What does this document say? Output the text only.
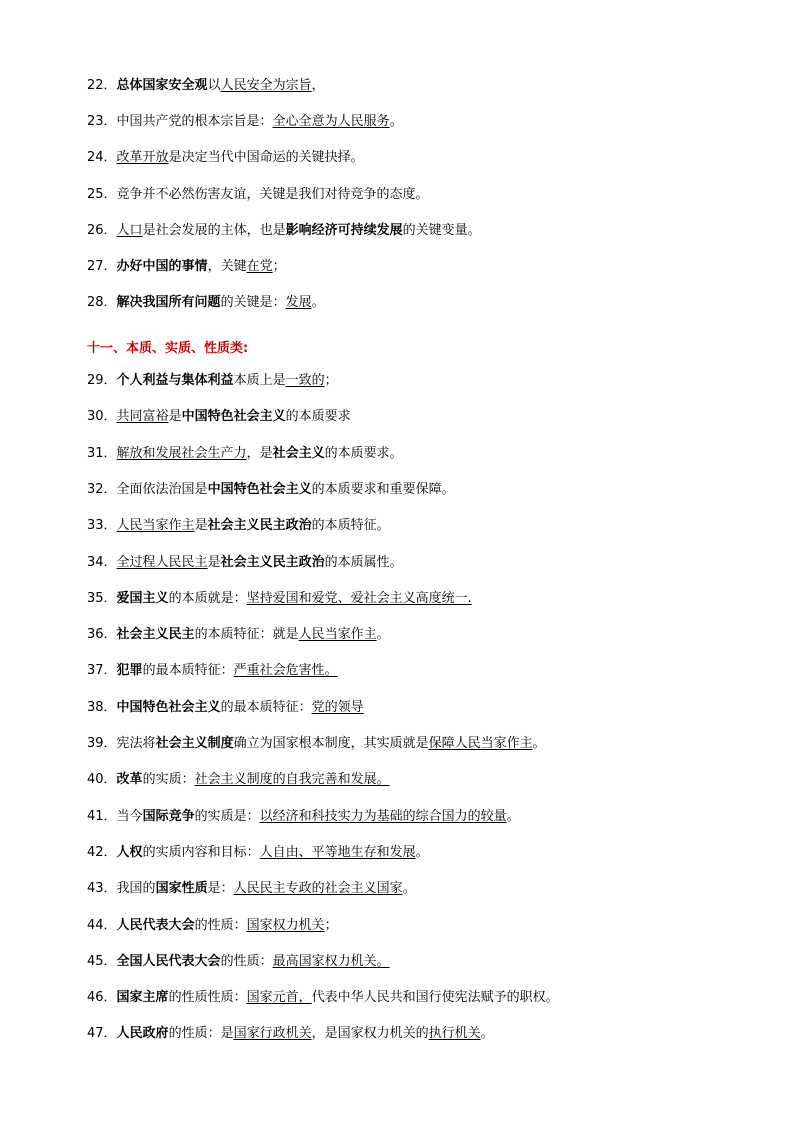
22．总体国家安全观以人民安全为宗旨，
23．中国共产党的根本宗旨是：全心全意为人民服务。
24．改革开放是决定当代中国命运的关键抉择。
25．竞争并不必然伤害友谊，关键是我们对待竞争的态度。
26．人口是社会发展的主体，也是影响经济可持续发展的关键变量。
27．办好中国的事情，关键在党；
28．解决我国所有问题的关键是：发展。
十一、本质、实质、性质类:
29．个人利益与集体利益本质上是一致的；
30．共同富裕是中国特色社会主义的本质要求
31．解放和发展社会生产力，是社会主义的本质要求。
32．全面依法治国是中国特色社会主义的本质要求和重要保障。
33．人民当家作主是社会主义民主政治的本质特征。
34．全过程人民民主是社会主义民主政治的本质属性。
35．爱国主义的本质就是：坚持爱国和爱党、爱社会主义高度统一.
36．社会主义民主的本质特征：就是人民当家作主。
37．犯罪的最本质特征：严重社会危害性。
38．中国特色社会主义的最本质特征：党的领导
39．宪法将社会主义制度确立为国家根本制度，其实质就是保障人民当家作主。
40．改革的实质：社会主义制度的自我完善和发展。
41．当今国际竞争的实质是：以经济和科技实力为基础的综合国力的较量。
42．人权的实质内容和目标：人自由、平等地生存和发展。
43．我国的国家性质是：人民民主专政的社会主义国家。
44．人民代表大会的性质：国家权力机关；
45．全国人民代表大会的性质：最高国家权力机关。
46．国家主席的性质性质：国家元首，代表中华人民共和国行使宪法赋予的职权。
47．人民政府的性质：是国家行政机关，是国家权力机关的执行机关。
